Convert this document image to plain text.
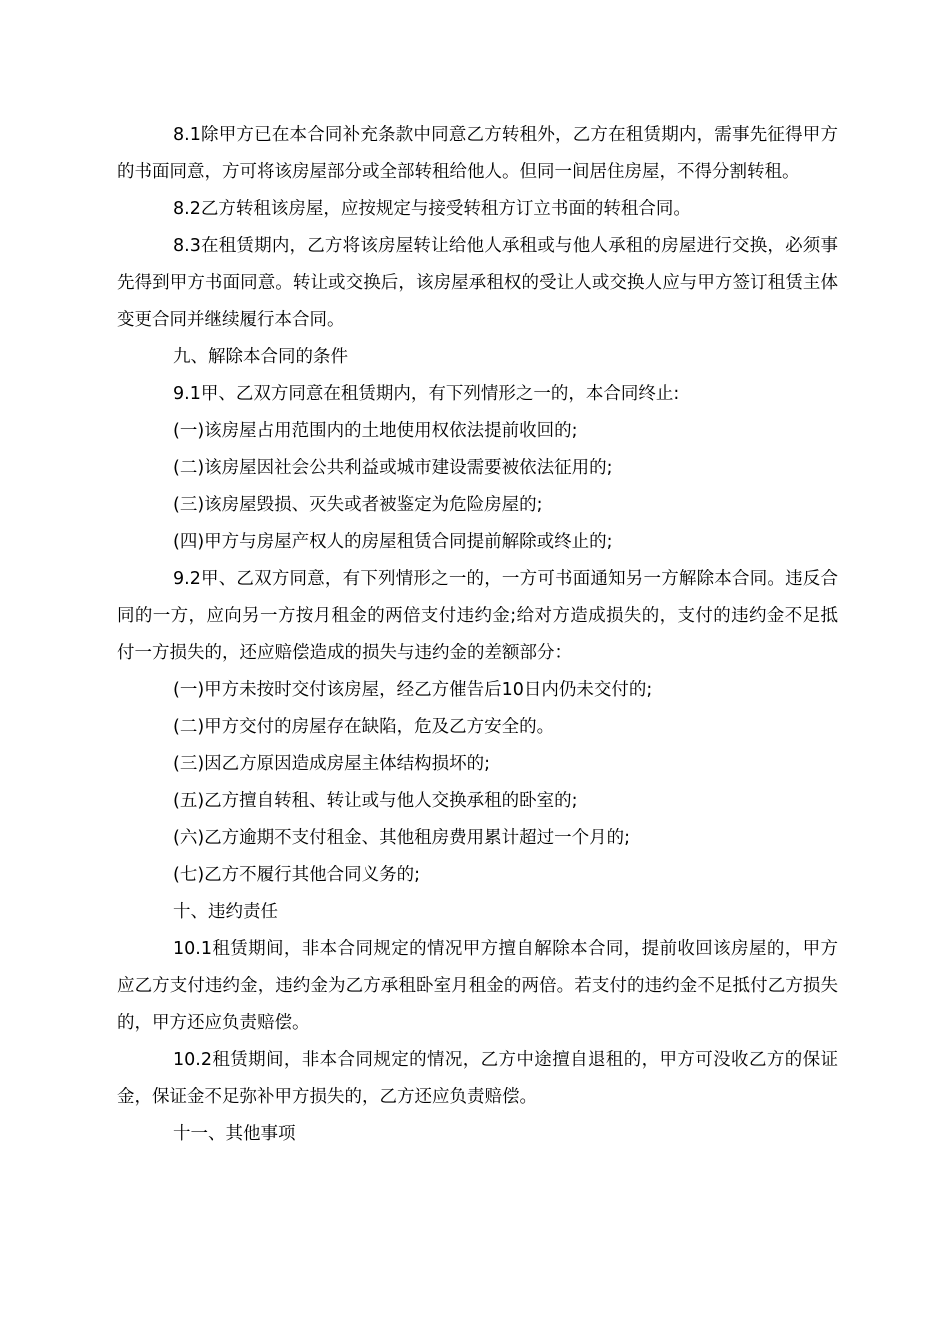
8.1除甲方已在本合同补充条款中同意乙方转租外，乙方在租赁期内，需事先征得甲方的书面同意，方可将该房屋部分或全部转租给他人。但同一间居住房屋，不得分割转租。

8.2乙方转租该房屋，应按规定与接受转租方订立书面的转租合同。

8.3在租赁期内，乙方将该房屋转让给他人承租或与他人承租的房屋进行交换，必须事先得到甲方书面同意。转让或交换后，该房屋承租权的受让人或交换人应与甲方签订租赁主体变更合同并继续履行本合同。

九、解除本合同的条件

9.1甲、乙双方同意在租赁期内，有下列情形之一的，本合同终止:

(一)该房屋占用范围内的土地使用权依法提前收回的;

(二)该房屋因社会公共利益或城市建设需要被依法征用的;

(三)该房屋毁损、灭失或者被鉴定为危险房屋的;

(四)甲方与房屋产权人的房屋租赁合同提前解除或终止的;

9.2甲、乙双方同意，有下列情形之一的，一方可书面通知另一方解除本合同。违反合同的一方，应向另一方按月租金的两倍支付违约金;给对方造成损失的，支付的违约金不足抵付一方损失的，还应赔偿造成的损失与违约金的差额部分：

(一)甲方未按时交付该房屋，经乙方催告后10日内仍未交付的;

(二)甲方交付的房屋存在缺陷，危及乙方安全的。

(三)因乙方原因造成房屋主体结构损坏的;

(五)乙方擅自转租、转让或与他人交换承租的卧室的;

(六)乙方逾期不支付租金、其他租房费用累计超过一个月的;

(七)乙方不履行其他合同义务的;

十、违约责任

10.1租赁期间，非本合同规定的情况甲方擅自解除本合同，提前收回该房屋的，甲方应乙方支付违约金，违约金为乙方承租卧室月租金的两倍。若支付的违约金不足抵付乙方损失的，甲方还应负责赔偿。

10.2租赁期间，非本合同规定的情况，乙方中途擅自退租的，甲方可没收乙方的保证金，保证金不足弥补甲方损失的，乙方还应负责赔偿。

十一、其他事项
